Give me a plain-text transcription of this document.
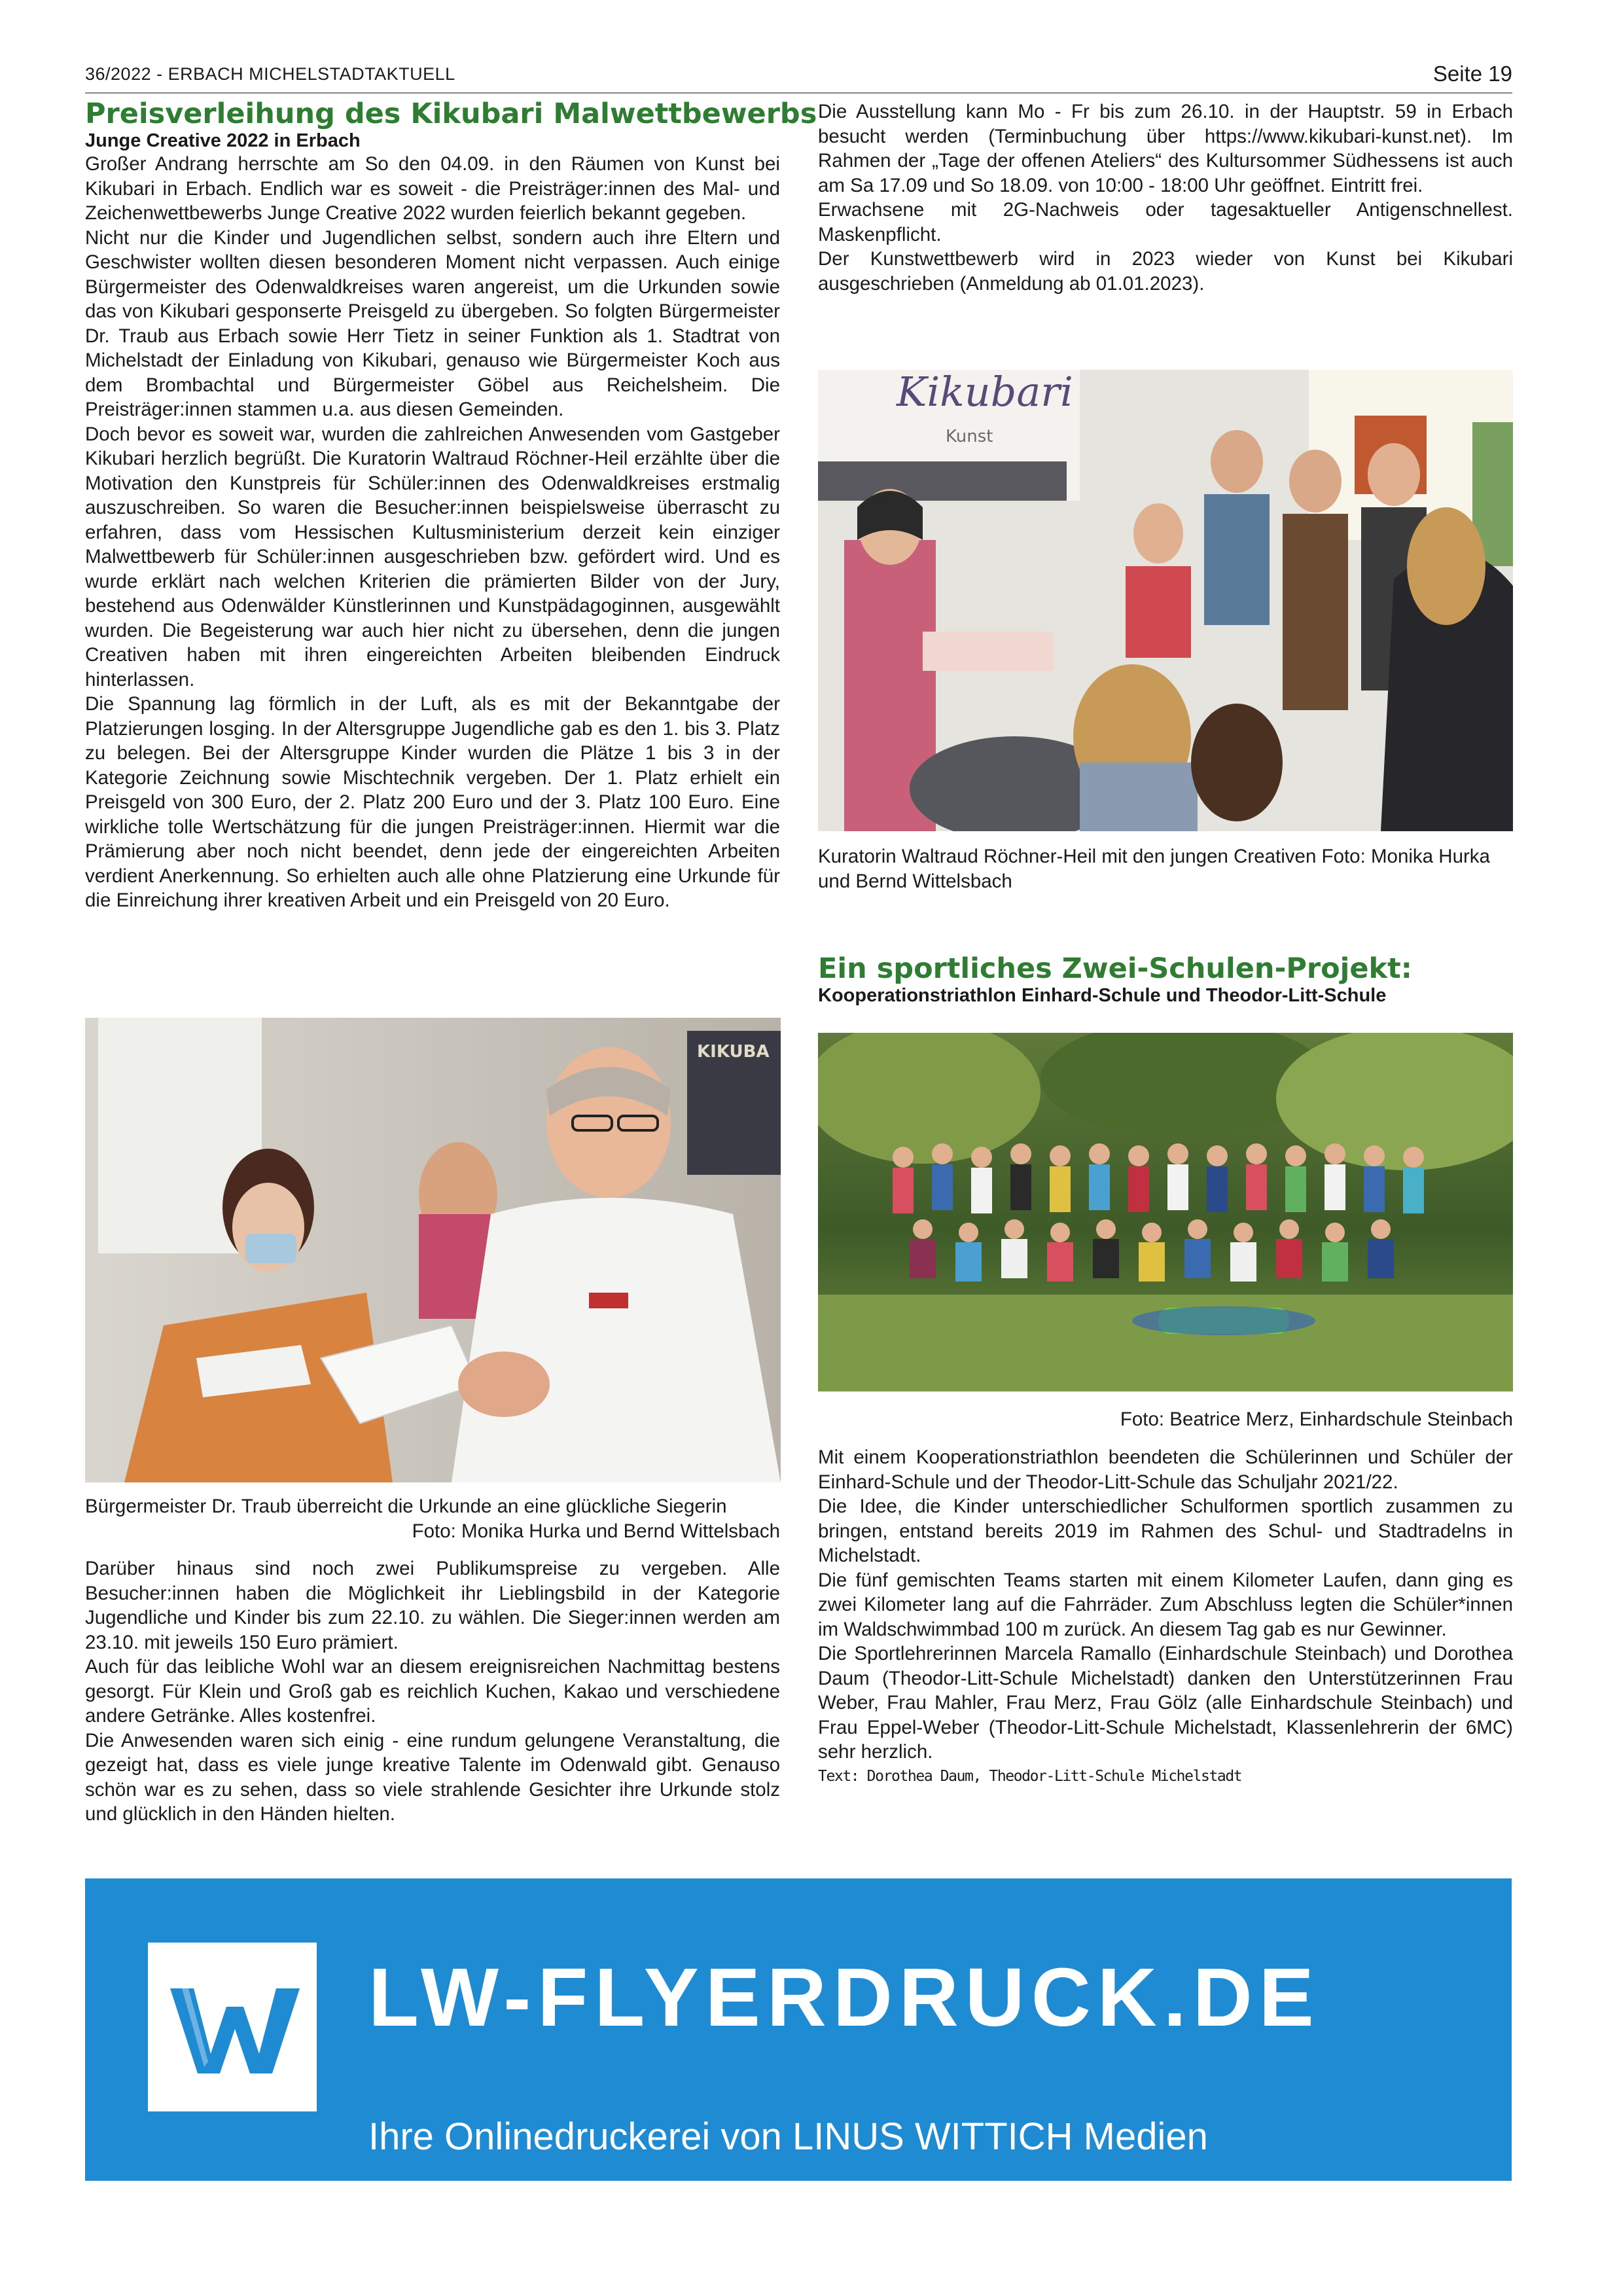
36/2022 - ERBACH MICHELSTADTAKTUELL	Seite 19
Preisverleihung des Kikubari Malwettbewerbs

Junge Creative 2022 in Erbach

Großer Andrang herrschte am So den 04.09. in den Räumen von Kunst bei Kikubari in Erbach. Endlich war es soweit - die Preisträger:innen des Mal- und Zeichenwettbewerbs Junge Creative 2022 wurden feierlich bekannt gegeben.

Nicht nur die Kinder und Jugendlichen selbst, sondern auch ihre Eltern und Geschwister wollten diesen besonderen Moment nicht verpassen. Auch einige Bürgermeister des Odenwaldkreises waren angereist, um die Urkunden sowie das von Kikubari gesponserte Preisgeld zu übergeben. So folgten Bürgermeister Dr. Traub aus Erbach sowie Herr Tietz in seiner Funktion als 1. Stadtrat von Michelstadt der Einladung von Kikubari, genauso wie Bürgermeister Koch aus dem Brombachtal und Bürgermeister Göbel aus Reichelsheim. Die Preisträger:innen stammen u.a. aus diesen Gemeinden.

Doch bevor es soweit war, wurden die zahlreichen Anwesenden vom Gastgeber Kikubari herzlich begrüßt. Die Kuratorin Waltraud Röchner-Heil erzählte über die Motivation den Kunstpreis für Schüler:innen des Odenwaldkreises erstmalig auszuschreiben. So waren die Besucher:innen beispielsweise überrascht zu erfahren, dass vom Hessischen Kultusministerium derzeit kein einziger Malwettbewerb für Schüler:innen ausgeschrieben bzw. gefördert wird. Und es wurde erklärt nach welchen Kriterien die prämierten Bilder von der Jury, bestehend aus Odenwälder Künstlerinnen und Kunstpädagoginnen, ausgewählt wurden. Die Begeisterung war auch hier nicht zu übersehen, denn die jungen Creativen haben mit ihren eingereichten Arbeiten bleibenden Eindruck hinterlassen.

Die Spannung lag förmlich in der Luft, als es mit der Bekanntgabe der Platzierungen losging. In der Altersgruppe Jugendliche gab es den 1. bis 3. Platz zu belegen. Bei der Altersgruppe Kinder wurden die Plätze 1 bis 3 in der Kategorie Zeichnung sowie Mischtechnik vergeben. Der 1. Platz erhielt ein Preisgeld von 300 Euro, der 2. Platz 200 Euro und der 3. Platz 100 Euro. Eine wirkliche tolle Wertschätzung für die jungen Preisträger:innen. Hiermit war die Prämierung aber noch nicht beendet, denn jede der eingereichten Arbeiten verdient Anerkennung. So erhielten auch alle ohne Platzierung eine Urkunde für die Einreichung ihrer kreativen Arbeit und ein Preisgeld von 20 Euro.

KIKUBA

Bürgermeister Dr. Traub überreicht die Urkunde an eine glückliche Siegerin

Foto: Monika Hurka und Bernd Wittelsbach

Darüber hinaus sind noch zwei Publikumspreise zu vergeben. Alle Besucher:innen haben die Möglichkeit ihr Lieblingsbild in der Kategorie Jugendliche und Kinder bis zum 22.10. zu wählen. Die Sieger:innen werden am 23.10. mit jeweils 150 Euro prämiert.

Auch für das leibliche Wohl war an diesem ereignisreichen Nachmittag bestens gesorgt. Für Klein und Groß gab es reichlich Kuchen, Kakao und verschiedene andere Getränke. Alles kostenfrei.

Die Anwesenden waren sich einig - eine rundum gelungene Veranstaltung, die gezeigt hat, dass es viele junge kreative Talente im Odenwald gibt. Genauso schön war es zu sehen, dass so viele strahlende Gesichter ihre Urkunde stolz und glücklich in den Händen hielten.

Die Ausstellung kann Mo - Fr bis zum 26.10. in der Hauptstr. 59 in Erbach besucht werden (Terminbuchung über https://www.kikubari-kunst.net). Im Rahmen der „Tage der offenen Ateliers“ des Kultursommer Südhessens ist auch am Sa 17.09 und So 18.09. von 10:00 - 18:00 Uhr geöffnet. Eintritt frei.

Erwachsene mit 2G-Nachweis oder tagesaktueller Antigenschnellest. Maskenpflicht.

Der Kunstwettbewerb wird in 2023 wieder von Kunst bei Kikubari ausgeschrieben (Anmeldung ab 01.01.2023).

Kikubari
Kunst

Kuratorin Waltraud Röchner-Heil mit den jungen Creativen Foto: Monika Hurka und Bernd Wittelsbach

Ein sportliches Zwei-Schulen-Projekt:

Kooperationstriathlon Einhard-Schule und Theodor-Litt-Schule

Foto: Beatrice Merz, Einhardschule Steinbach

Mit einem Kooperationstriathlon beendeten die Schülerinnen und Schüler der Einhard-Schule und der Theodor-Litt-Schule das Schuljahr 2021/22.

Die Idee, die Kinder unterschiedlicher Schulformen sportlich zusammen zu bringen, entstand bereits 2019 im Rahmen des Schul- und Stadtradelns in Michelstadt.

Die fünf gemischten Teams starten mit einem Kilometer Laufen, dann ging es zwei Kilometer lang auf die Fahrräder. Zum Abschluss legten die Schüler*innen im Waldschwimmbad 100 m zurück. An diesem Tag gab es nur Gewinner.

Die Sportlehrerinnen Marcela Ramallo (Einhardschule Steinbach) und Dorothea Daum (Theodor-Litt-Schule Michelstadt) danken den Unterstützerinnen Frau Weber, Frau Mahler, Frau Merz, Frau Gölz (alle Einhardschule Steinbach) und Frau Eppel-Weber (Theodor-Litt-Schule Michelstadt, Klassenlehrerin der 6MC) sehr herzlich.

Text: Dorothea Daum, Theodor-Litt-Schule Michelstadt

LW-FLYERDRUCK.DE
Ihre Onlinedruckerei von LINUS WITTICH Medien
